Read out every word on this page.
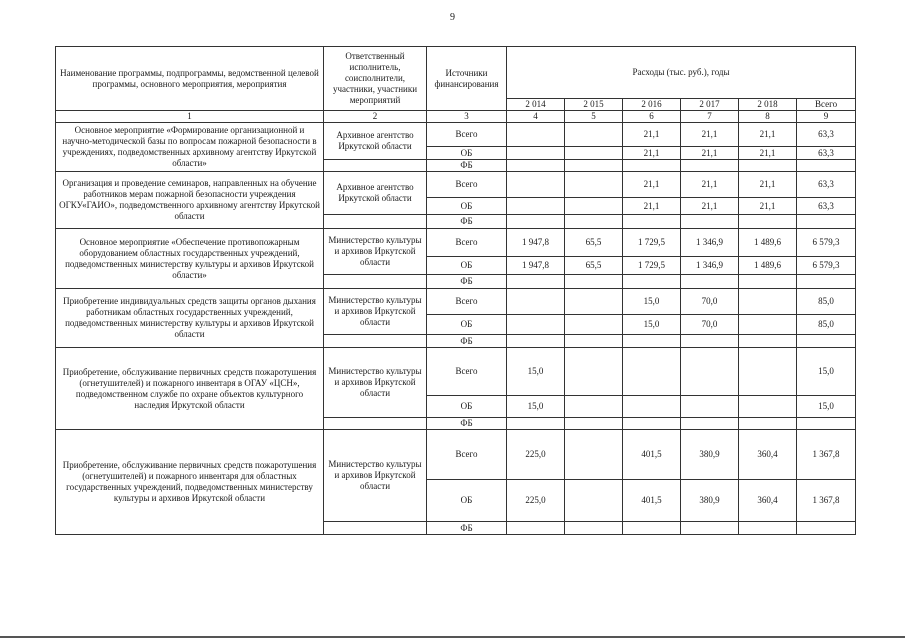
9
Наименование программы, подпрограммы, ведомственной целевой программы, основного мероприятия, мероприятия	Ответственный исполнитель, соисполнители, участники, участники мероприятий	Источники финансирования	Расходы (тыс. руб.), годы					
			2 014	2 015	2 016	2 017	2 018	Всего
1	2	3	4	5	6	7	8	9
Основное мероприятие «Формирование организационной и научно-методической базы по вопросам пожарной безопасности в учреждениях, подведомственных архивному агентству Иркутской области»	Архивное агентство Иркутской области	Всего			21,1	21,1	21,1	63,3
		ОБ			21,1	21,1	21,1	63,3
		ФБ						
Организация и проведение семинаров, направленных на обучение работников мерам пожарной безопасности учреждения ОГКУ«ГАИО», подведомственного архивному агентству Иркутской области	Архивное агентство Иркутской области	Всего			21,1	21,1	21,1	63,3
		ОБ			21,1	21,1	21,1	63,3
		ФБ						
Основное мероприятие «Обеспечение противопожарным оборудованием областных государственных учреждений, подведомственных министерству культуры и архивов Иркутской области»	Министерство культуры и архивов Иркутской области	Всего	1 947,8	65,5	1 729,5	1 346,9	1 489,6	6 579,3
		ОБ	1 947,8	65,5	1 729,5	1 346,9	1 489,6	6 579,3
		ФБ						
Приобретение индивидуальных средств защиты органов дыхания работникам областных государственных учреждений, подведомственных министерству культуры и архивов Иркутской области	Министерство культуры и архивов Иркутской области	Всего			15,0	70,0		85,0
		ОБ			15,0	70,0		85,0
		ФБ						
Приобретение, обслуживание первичных средств пожаротушения (огнетушителей) и пожарного инвентаря в ОГАУ «ЦСН», подведомственном службе по охране объектов культурного наследия Иркутской области	Министерство культуры и архивов Иркутской области	Всего	15,0					15,0
		ОБ	15,0					15,0
		ФБ						
Приобретение, обслуживание первичных средств пожаротушения (огнетушителей) и пожарного инвентаря для областных государственных учреждений, подведомственных министерству культуры и архивов Иркутской области	Министерство культуры и архивов Иркутской области	Всего	225,0		401,5	380,9	360,4	1 367,8
		ОБ	225,0		401,5	380,9	360,4	1 367,8
		ФБ						
